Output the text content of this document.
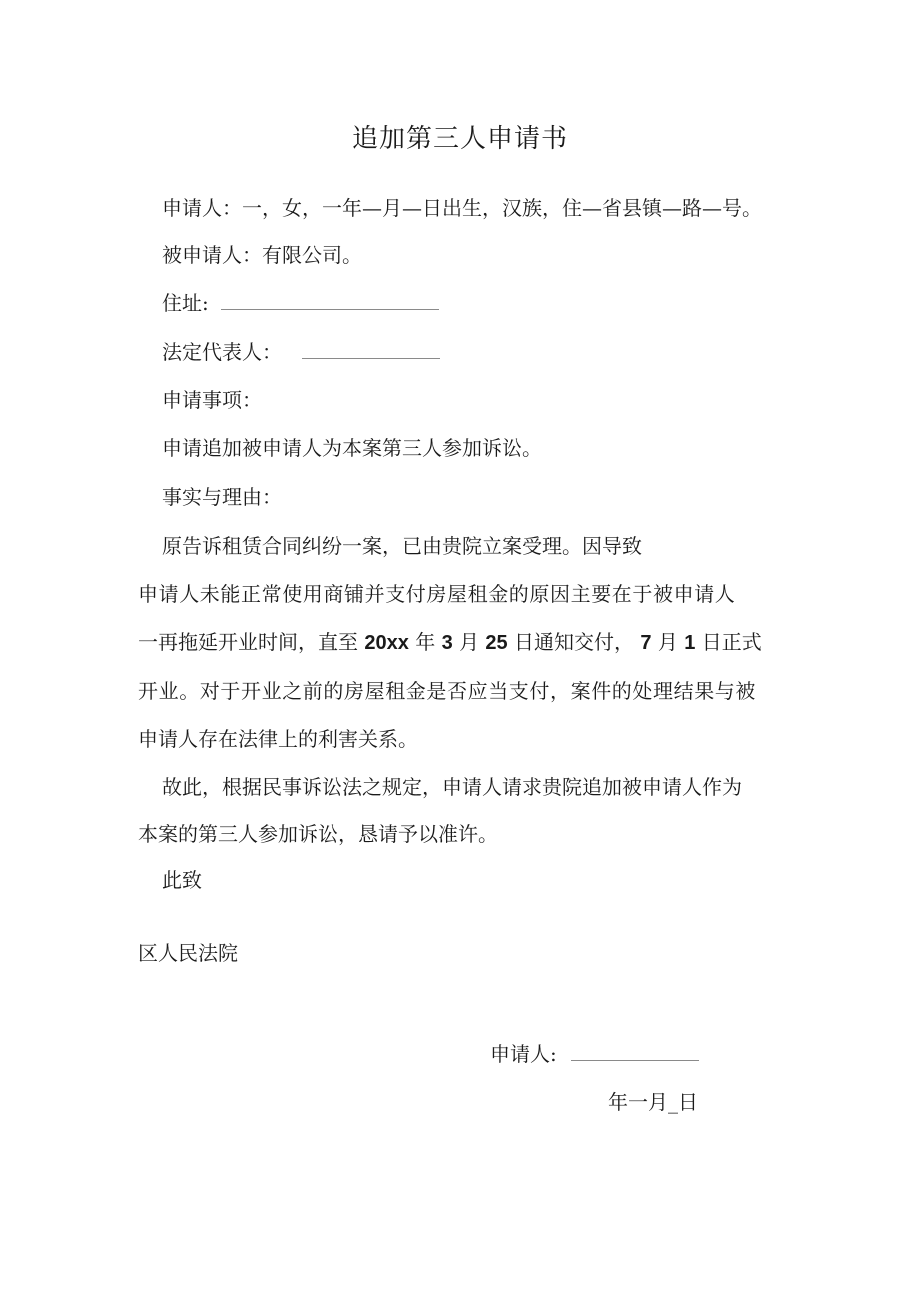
追加第三人申请书
申请人：一，女，一年—月—日出生，汉族，住—省县镇—路—号。
被申请人：有限公司。
住址:
法定代表人：
申请事项：
申请追加被申请人为本案第三人参加诉讼。
事实与理由：
原告诉租赁合同纠纷一案，已由贵院立案受理。因导致
申请人未能正常使用商铺并支付房屋租金的原因主要在于被申请人
一再拖延开业时间，直至 20xx 年 3 月 25 日通知交付， 7 月 1 日正式
开业。对于开业之前的房屋租金是否应当支付，案件的处理结果与被
申请人存在法律上的利害关系。
故此，根据民事诉讼法之规定，申请人请求贵院追加被申请人作为
本案的第三人参加诉讼，恳请予以准许。
此致
区人民法院
申请人:
年一月_日
